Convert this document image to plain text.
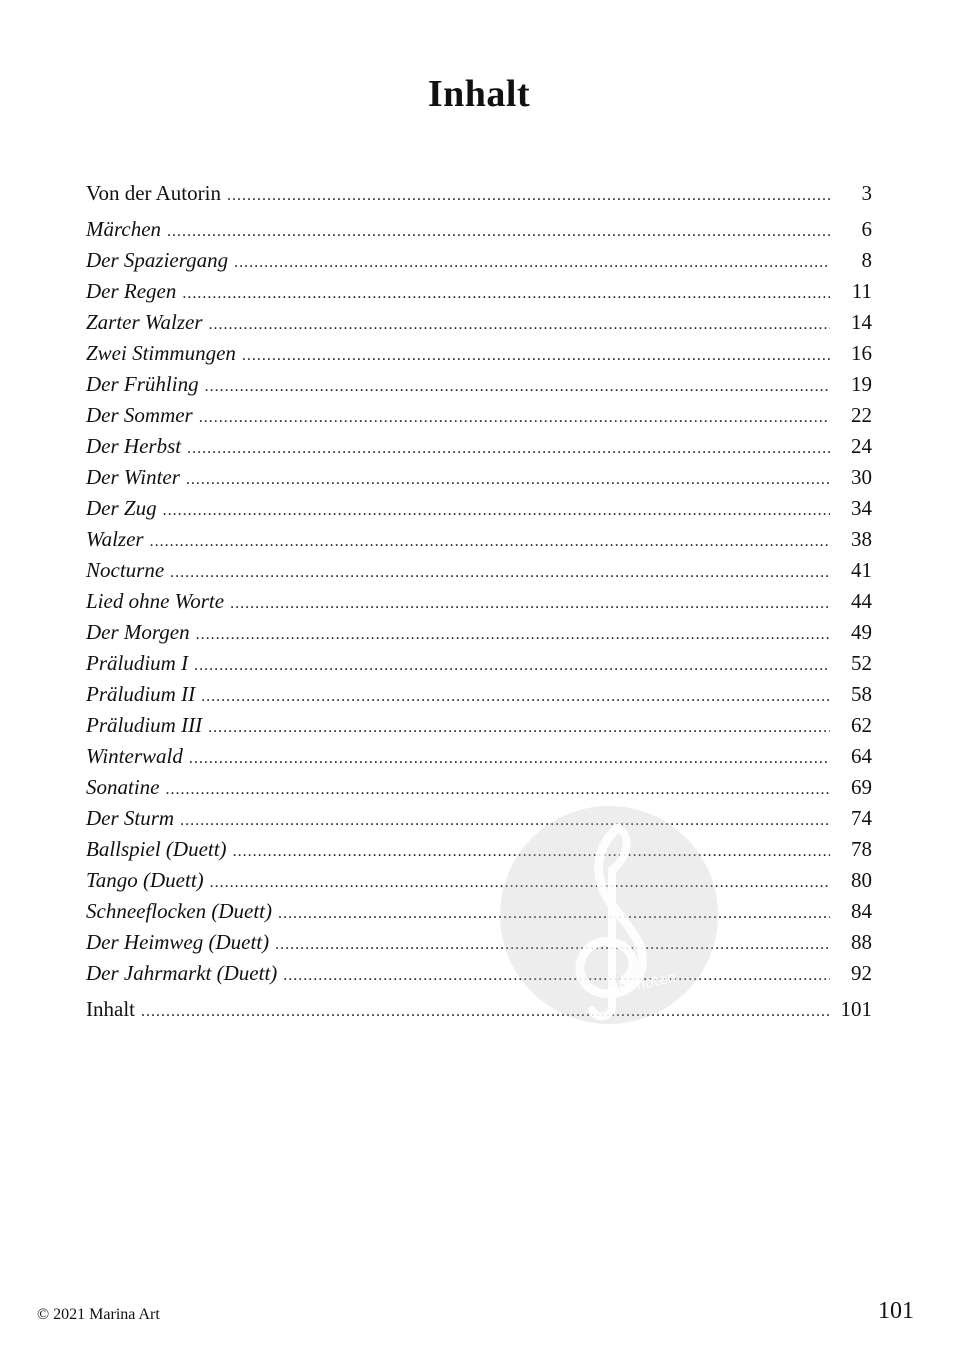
Inhalt
Von der Autorin .....	3
Märchen .....	6
Der Spaziergang .....	8
Der Regen .....	11
Zarter Walzer .....	14
Zwei Stimmungen .....	16
Der Frühling .....	19
Der Sommer .....	22
Der Herbst .....	24
Der Winter .....	30
Der Zug .....	34
Walzer .....	38
Nocturne .....	41
Lied ohne Worte .....	44
Der Morgen .....	49
Präludium I .....	52
Präludium II .....	58
Präludium III .....	62
Winterwald .....	64
Sonatine .....	69
Der Sturm .....	74
Ballspiel (Duett) .....	78
Tango (Duett) .....	80
Schneeflocken (Duett) .....	84
Der Heimweg (Duett) .....	88
Der Jahrmarkt (Duett) .....	92
Inhalt .....	101
alle-noten
© 2021 Marina Art	101
